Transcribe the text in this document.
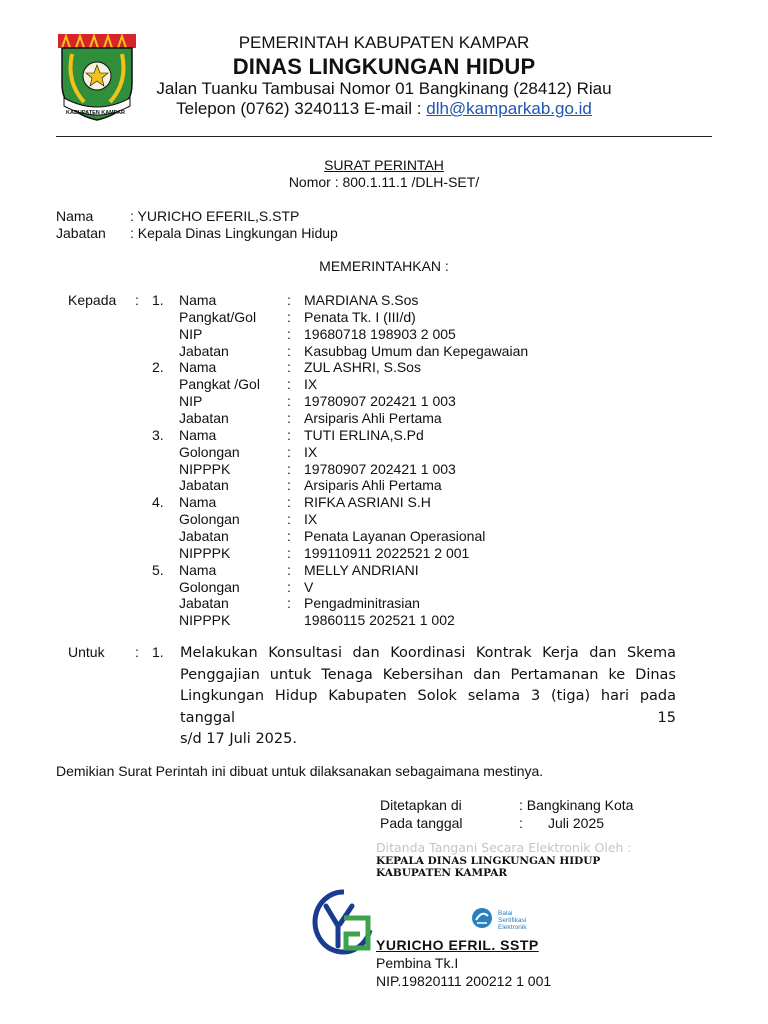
KABUPATEN KAMPAR
PEMERINTAH KABUPATEN KAMPAR
DINAS LINGKUNGAN HIDUP
Jalan Tuanku Tambusai Nomor 01 Bangkinang (28412) Riau
Telepon (0762) 3240113 E-mail : dlh@kamparkab.go.id
SURAT PERINTAH
Nomor : 800.1.11.1 /DLH-SET/
Nama	: YURICHO EFERIL,S.STP
Jabatan : Kepala Dinas Lingkungan Hidup
MEMERINTAHKAN :
Kepada : 1. Nama	: MARDIANA S.Sos
Pangkat/Gol : Penata Tk. I (III/d)
NIP	: 19680718 198903 2 005
Jabatan	: Kasubbag Umum dan Kepegawaian
2. Nama	: ZUL ASHRI, S.Sos
Pangkat /Gol : IX
NIP	: 19780907 202421 1 003
Jabatan	: Arsiparis Ahli Pertama
3. Nama	: TUTI ERLINA,S.Pd
Golongan	: IX
NIPPPK	: 19780907 202421 1 003
Jabatan	: Arsiparis Ahli Pertama
4. Nama	: RIFKA ASRIANI S.H
Golongan	: IX
Jabatan	: Penata Layanan Operasional
NIPPPK	: 199110911 2022521 2 001
5. Nama	: MELLY ANDRIANI
Golongan	: V
Jabatan	: Pengadminitrasian
NIPPPK	19860115 202521 1 002
Untuk : 1. Melakukan Konsultasi dan Koordinasi Kontrak Kerja dan Skema
Penggajian untuk Tenaga Kebersihan dan Pertamanan ke Dinas
Lingkungan Hidup Kabupaten Solok selama 3 (tiga) hari pada tanggal 15
s/d 17 Juli 2025.
Demikian Surat Perintah ini dibuat untuk dilaksanakan sebagaimana mestinya.
Ditetapkan di	: Bangkinang Kota
Pada tanggal	: Juli 2025
Ditanda Tangani Secara Elektronik Oleh :
KEPALA DINAS LINGKUNGAN HIDUP
KABUPATEN KAMPAR
Balai
Sertifikasi
Elektronik
YURICHO EFRIL. SSTP
Pembina Tk.I
NIP.19820111 200212 1 001
